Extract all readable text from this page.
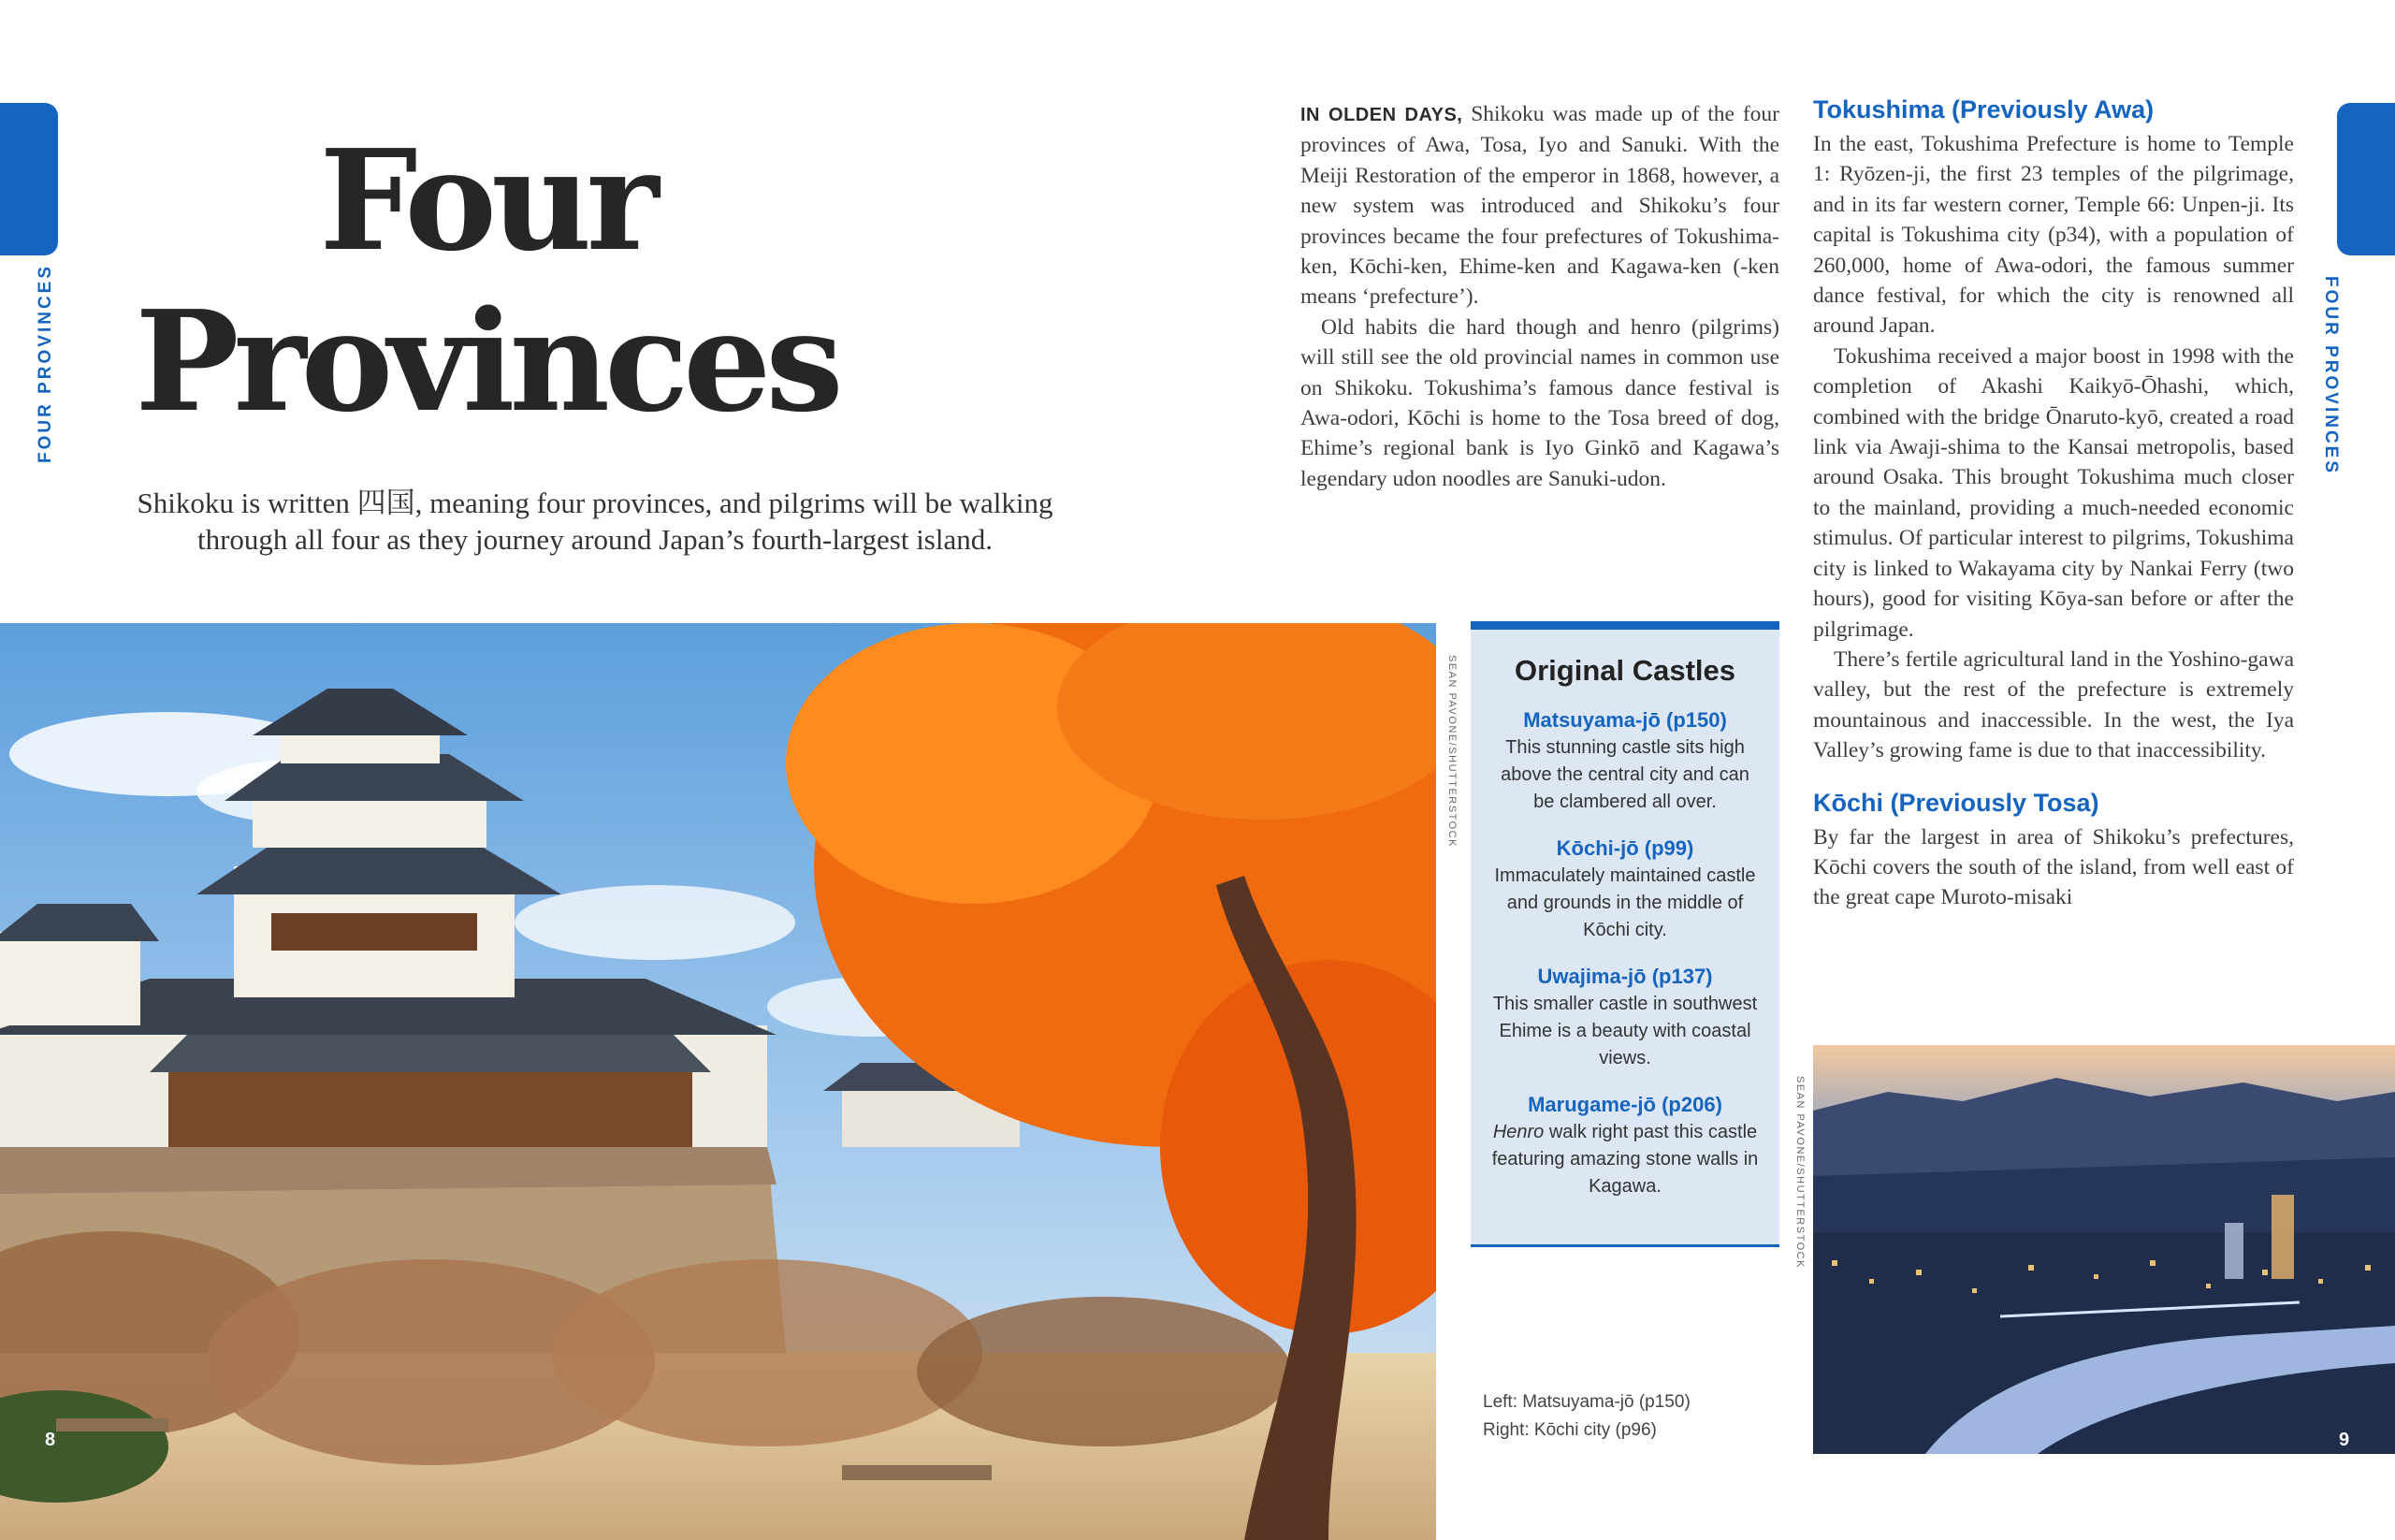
FOUR PROVINCES	FOUR PROVINCES
Four
Provinces
Shikoku is written 四国, meaning four provinces, and pilgrims will be walking through all four as they journey around Japan’s fourth-largest island.

IN OLDEN DAYS, Shikoku was made up of the four provinces of Awa, Tosa, Iyo and Sanuki. With the Meiji Restoration of the emperor in 1868, however, a new system was introduced and Shikoku’s four provinces became the four prefectures of Tokushima-ken, Kōchi-ken, Ehime-ken and Kagawa-ken (-ken means ‘prefecture’).

Old habits die hard though and henro (pilgrims) will still see the old provincial names in common use on Shikoku. Tokushima’s famous dance festival is Awa-odori, Kōchi is home to the Tosa breed of dog, Ehime’s regional bank is Iyo Ginkō and Kagawa’s legendary udon noodles are Sanuki-udon.

Tokushima (Previously Awa)

In the east, Tokushima Prefecture is home to Temple 1: Ryōzen-ji, the first 23 temples of the pilgrimage, and in its far western corner, Temple 66: Unpen-ji. Its capital is Tokushima city (p34), with a population of 260,000, home of Awa-odori, the famous summer dance festival, for which the city is renowned all around Japan.

Tokushima received a major boost in 1998 with the completion of Akashi Kaikyō-Ōhashi, which, combined with the bridge Ōnaruto-kyō, created a road link via Awaji-shima to the Kansai metropolis, based around Osaka. This brought Tokushima much closer to the mainland, providing a much-needed economic stimulus. Of particular interest to pilgrims, Tokushima city is linked to Wakayama city by Nankai Ferry (two hours), good for visiting Kōya-san before or after the pilgrimage.

There’s fertile agricultural land in the Yoshino-gawa valley, but the rest of the prefecture is extremely mountainous and inaccessible. In the west, the Iya Valley’s growing fame is due to that inaccessibility.

Kōchi (Previously Tosa)

By far the largest in area of Shikoku’s prefectures, Kōchi covers the south of the island, from well east of the great cape Muroto-misaki

SEAN PAVONE/SHUTTERSTOCK
8
Original Castles
Matsuyama-jō (p150)
This stunning castle sits high above the central city and can be clambered all over.
Kōchi-jō (p99)
Immaculately maintained castle and grounds in the middle of Kōchi city.
Uwajima-jō (p137)
This smaller castle in southwest Ehime is a beauty with coastal views.
Marugame-jō (p206)
Henro walk right past this castle featuring amazing stone walls in Kagawa.
Left: Matsuyama-jō (p150)
Right: Kōchi city (p96)
SEAN PAVONE/SHUTTERSTOCK
9
